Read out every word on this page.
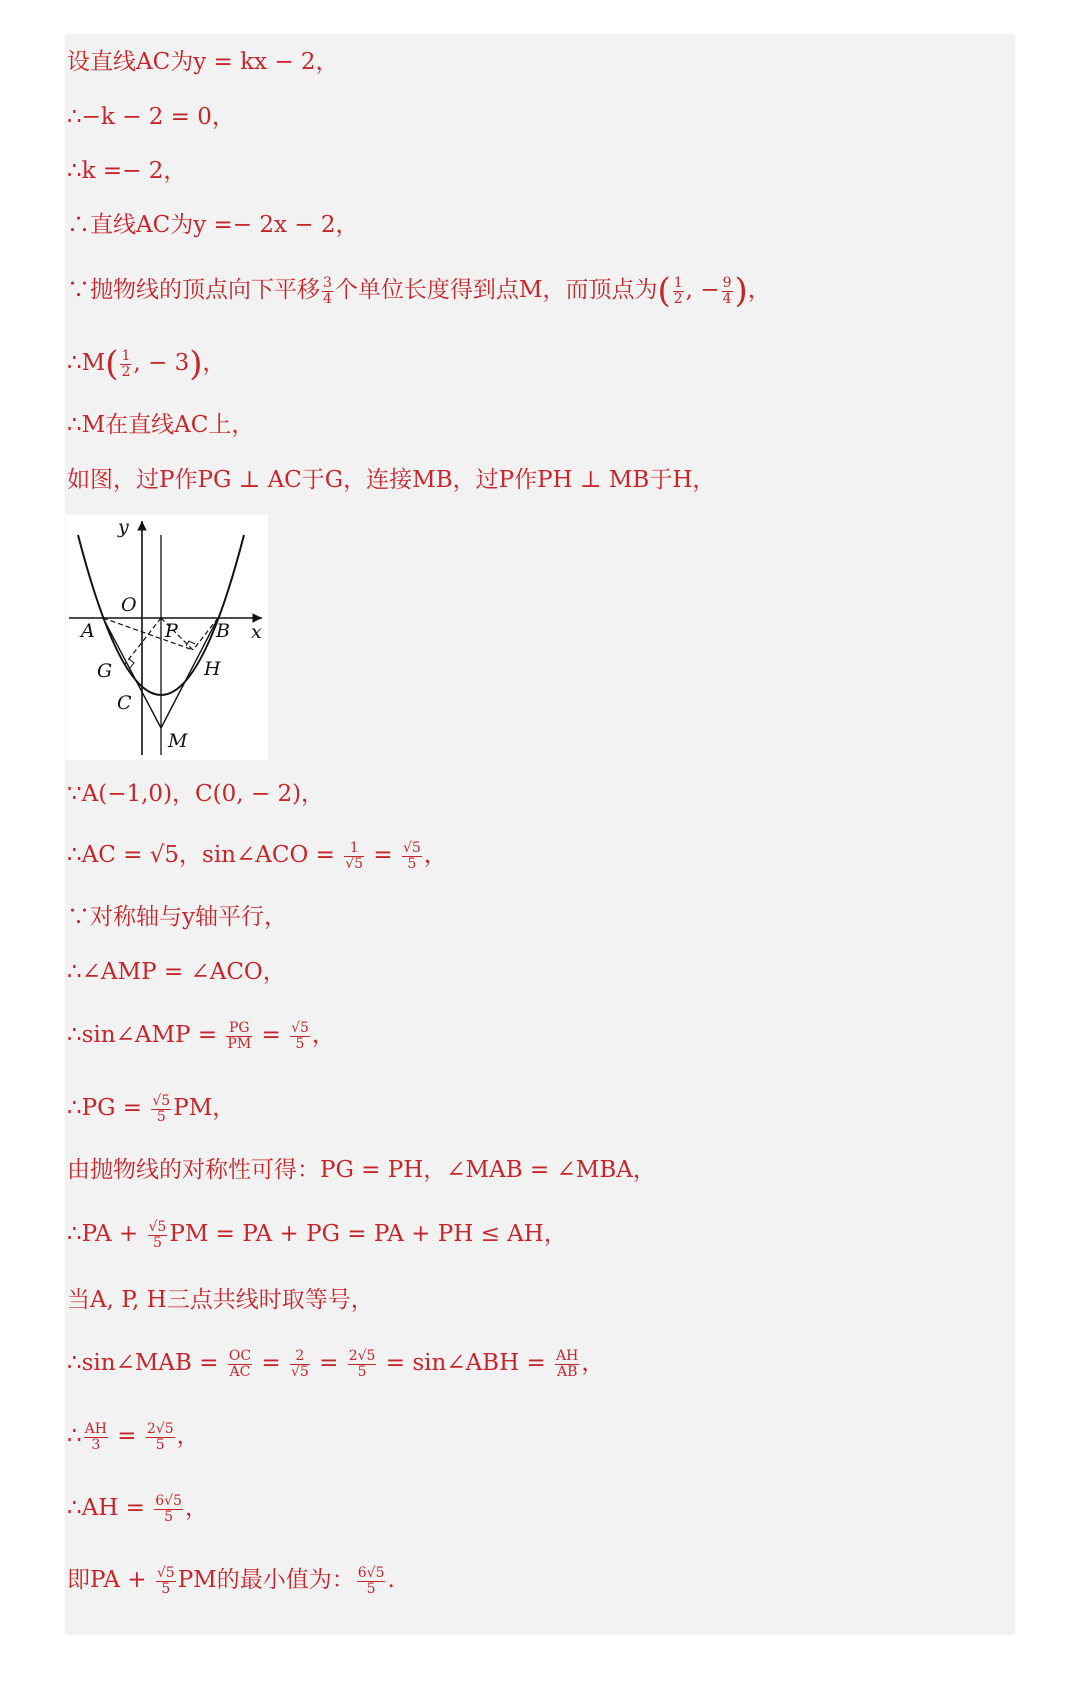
设直线AC为y = kx − 2，
∴−k − 2 = 0，
∴k =− 2，
∴直线AC为y =− 2x − 2，
∵抛物线的顶点向下平移 $\frac{3}{4}$ 个单位长度得到点M，而顶点为( $\frac{1}{2}$ , − $\frac{9}{4}$ )，
∴M( $\frac{1}{2}$ , − 3)，
∴M在直线AC上，
如图，过P作PG ⊥ AC于G，连接MB，过P作PH ⊥ MB于H，
y
x
O
A	P B
G	H
C
M
∵A(−1,0)，C(0, − 2)，
∴AC = √5，sin∠ACO = $\frac{1}{√5} = \frac{√5}{5}$ ，
∵对称轴与y轴平行，
∴∠AMP = ∠ACO，
∴sin∠AMP = $\frac{PG}{PM} = \frac{√5}{5}$ ，
∴PG = $\frac{√5}{5}$ PM，
由抛物线的对称性可得：PG = PH，∠MAB = ∠MBA，
∴PA + $\frac{√5}{5}$ PM = PA + PG = PA + PH ≤ AH，
当A, P, H三点共线时取等号，
∴sin∠MAB = $\frac{OC}{AC} = \frac{2}{√5} = \frac{2√5}{5}$ = sin∠ABH = $\frac{AH}{AB}$ ，
∴ $\frac{AH}{3} = \frac{2√5}{5}$ ，
∴AH = $\frac{6√5}{5}$ ，
即PA + $\frac{√5}{5}$ PM的最小值为： $\frac{6√5}{5}$ .
